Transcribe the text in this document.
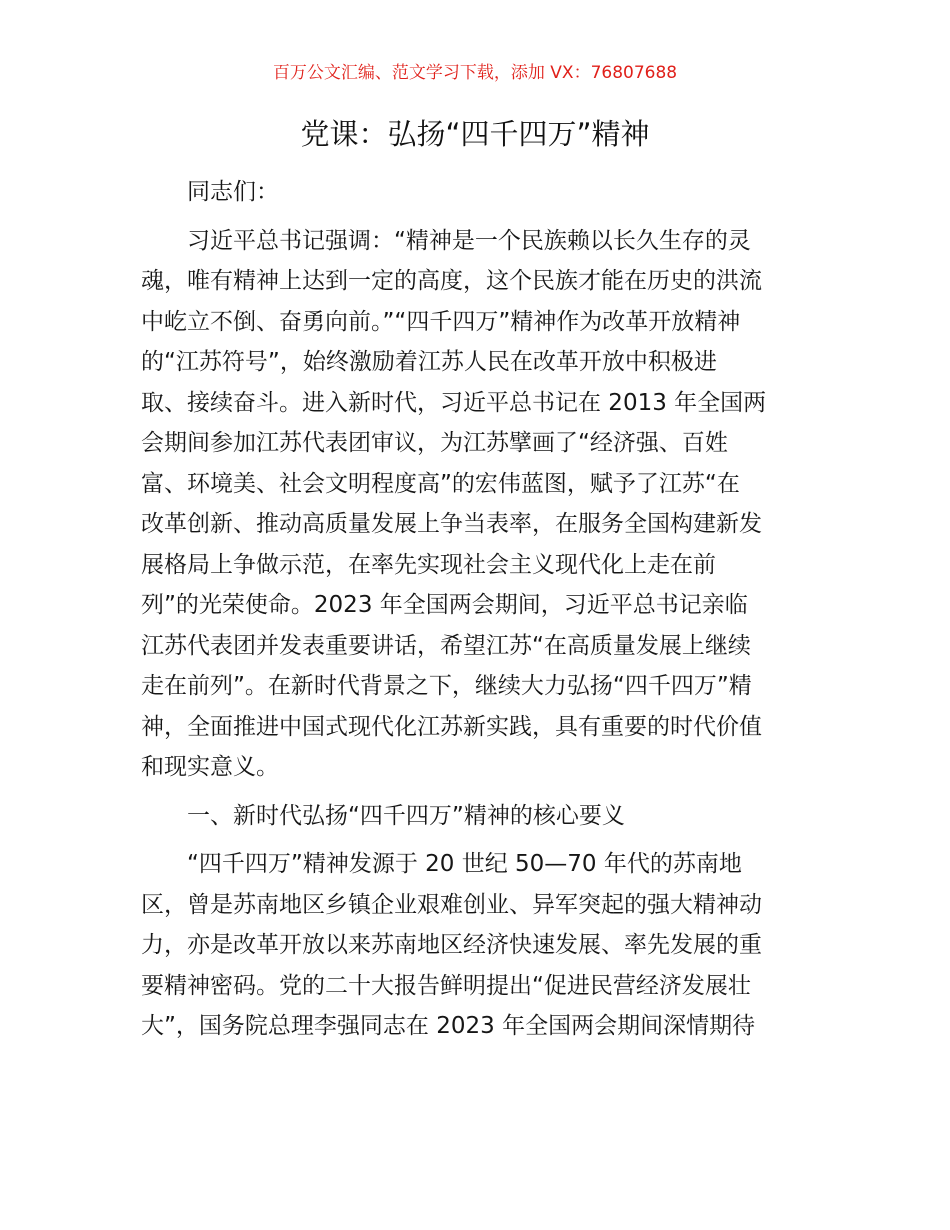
百万公文汇编、范文学习下载，添加 VX：76807688
党课：弘扬“四千四万”精神
同志们：
习近平总书记强调：“精神是一个民族赖以长久生存的灵
魂，唯有精神上达到一定的高度，这个民族才能在历史的洪流
中屹立不倒、奋勇向前。”“四千四万”精神作为改革开放精神
的“江苏符号”，始终激励着江苏人民在改革开放中积极进
取、接续奋斗。进入新时代，习近平总书记在 2013 年全国两
会期间参加江苏代表团审议，为江苏擘画了“经济强、百姓
富、环境美、社会文明程度高”的宏伟蓝图，赋予了江苏“在
改革创新、推动高质量发展上争当表率，在服务全国构建新发
展格局上争做示范，在率先实现社会主义现代化上走在前
列”的光荣使命。2023 年全国两会期间，习近平总书记亲临
江苏代表团并发表重要讲话，希望江苏“在高质量发展上继续
走在前列”。在新时代背景之下，继续大力弘扬“四千四万”精
神，全面推进中国式现代化江苏新实践，具有重要的时代价值
和现实意义。
一、新时代弘扬“四千四万”精神的核心要义
“四千四万”精神发源于 20 世纪 50—70 年代的苏南地
区，曾是苏南地区乡镇企业艰难创业、异军突起的强大精神动
力，亦是改革开放以来苏南地区经济快速发展、率先发展的重
要精神密码。党的二十大报告鲜明提出“促进民营经济发展壮
大”，国务院总理李强同志在 2023 年全国两会期间深情期待
